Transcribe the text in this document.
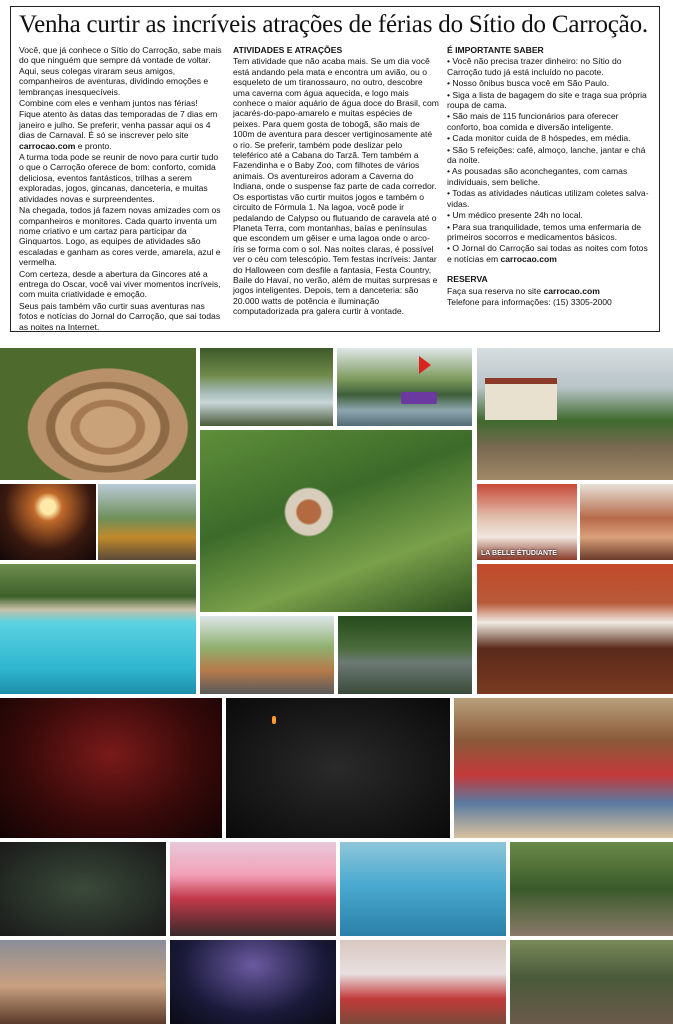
Venha curtir as incríveis atrações de férias do Sítio do Carroção.

Você, que já conhece o Sítio do Carroção, sabe mais do que ninguém que sempre dá vontade de voltar. Aqui, seus colegas viraram seus amigos, companheiros de aventuras, dividindo emoções e lembranças inesquecíveis.

Combine com eles e venham juntos nas férias!

Fique atento às datas das temporadas de 7 dias em janeiro e julho. Se preferir, venha passar aqui os 4 dias de Carnaval. É só se inscrever pelo site carrocao.com e pronto.

A turma toda pode se reunir de novo para curtir tudo o que o Carroção oferece de bom: conforto, comida deliciosa, eventos fantásticos, trilhas a serem exploradas, jogos, gincanas, danceteria, e muitas atividades novas e surpreendentes.

Na chegada, todos já fazem novas amizades com os companheiros e monitores. Cada quarto inventa um nome criativo e um cartaz para participar da Ginquartos. Logo, as equipes de atividades são escaladas e ganham as cores verde, amarela, azul e vermelha.

Com certeza, desde a abertura da Gincores até a entrega do Oscar, você vai viver momentos incríveis, com muita criatividade e emoção.

Seus pais também vão curtir suas aventuras nas fotos e notícias do Jornal do Carroção, que sai todas as noites na Internet.

ATIVIDADES E ATRAÇÕES

Tem atividade que não acaba mais. Se um dia você está andando pela mata e encontra um avião, ou o esqueleto de um tiranossauro, no outro, descobre uma caverna com água aquecida, e logo mais conhece o maior aquário de água doce do Brasil, com jacarés-do-papo-amarelo e muitas espécies de peixes. Para quem gosta de tobogã, são mais de 100m de aventura para descer vertiginosamente até o rio. Se preferir, também pode deslizar pelo teleférico até a Cabana do Tarzã. Tem também a Fazendinha e o Baby Zoo, com filhotes de vários animais. Os aventureiros adoram a Caverna do Indiana, onde o suspense faz parte de cada corredor. Os esportistas vão curtir muitos jogos e também o circuito de Fórmula 1. Na lagoa, você pode ir pedalando de Calypso ou flutuando de caravela até o Planeta Terra, com montanhas, baías e penínsulas que escondem um gêiser e uma lagoa onde o arco-íris se forma com o sol. Nas noites claras, é possível ver o céu com telescópio. Tem festas incríveis: Jantar do Halloween com desfile a fantasia, Festa Country, Baile do Havaí, no verão, além de muitas surpresas e jogos inteligentes. Depois, tem a danceteria: são 20.000 watts de potência e iluminação computadorizada pra galera curtir à vontade.

É IMPORTANTE SABER

• Você não precisa trazer dinheiro: no Sítio do Carroção tudo já está incluído no pacote.

• Nosso ônibus busca você em São Paulo.

• Siga a lista de bagagem do site e traga sua própria roupa de cama.

• São mais de 115 funcionários para oferecer conforto, boa comida e diversão inteligente.

• Cada monitor cuida de 8 hóspedes, em média.

• São 5 refeições: café, almoço, lanche, jantar e chá da noite.

• As pousadas são aconchegantes, com camas individuais, sem beliche.

• Todas as atividades náuticas utilizam coletes salva-vidas.

• Um médico presente 24h no local.

• Para sua tranquilidade, temos uma enfermaria de primeiros socorros e medicamentos básicos.

• O Jornal do Carroção sai todas as noites com fotos e notícias em carrocao.com

RESERVA

Faça sua reserva no site carrocao.com

Telefone para informações: (15) 3305-2000

LA BELLE ÉTUDIANTE
